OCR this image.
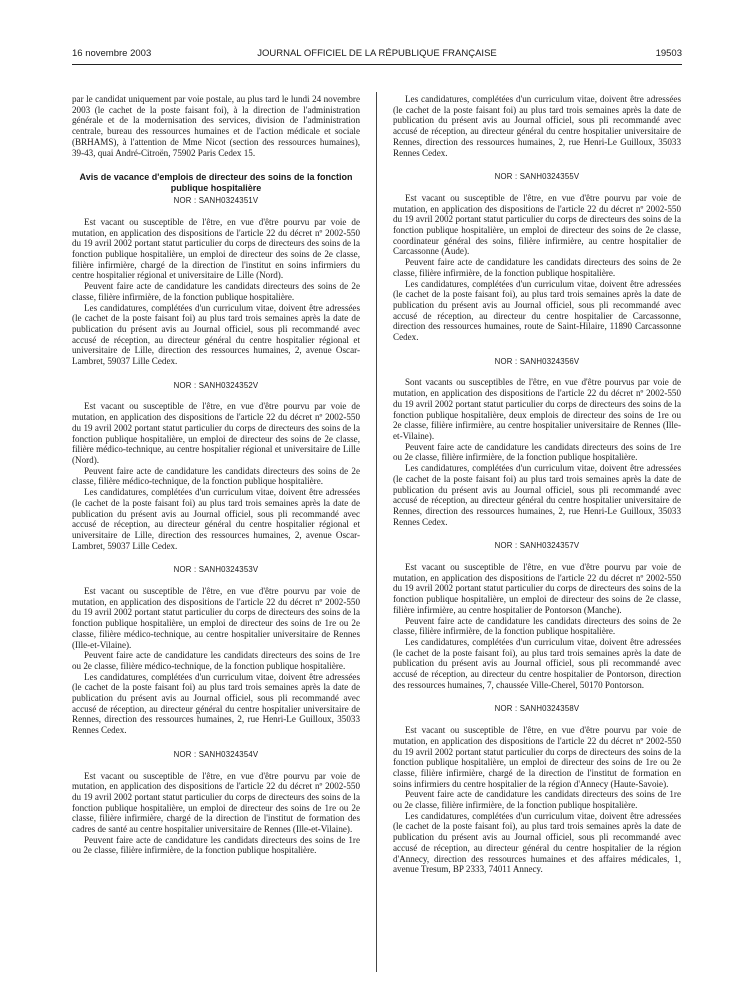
16 novembre 2003	JOURNAL OFFICIEL DE LA RÉPUBLIQUE FRANÇAISE	19503

par le candidat uniquement par voie postale, au plus tard le lundi 24 novembre 2003 (le cachet de la poste faisant foi), à la direction de l'administration générale et de la modernisation des services, division de l'administration centrale, bureau des ressources humaines et de l'action médicale et sociale (BRHAMS), à l'attention de Mme Nicot (section des ressources humaines), 39-43, quai André-Citroën, 75902 Paris Cedex 15.

Avis de vacance d'emplois de directeur des soins de la fonction publique hospitalière
NOR : SANH0324351V

Est vacant ou susceptible de l'être, en vue d'être pourvu par voie de mutation, en application des dispositions de l'article 22 du décret nº 2002-550 du 19 avril 2002 portant statut particulier du corps de directeurs des soins de la fonction publique hospitalière, un emploi de directeur des soins de 2e classe, filière infirmière, chargé de la direction de l'institut en soins infirmiers du centre hospitalier régional et universitaire de Lille (Nord).

Peuvent faire acte de candidature les candidats directeurs des soins de 2e classe, filière infirmière, de la fonction publique hospitalière.

Les candidatures, complétées d'un curriculum vitae, doivent être adressées (le cachet de la poste faisant foi) au plus tard trois semaines après la date de publication du présent avis au Journal officiel, sous pli recommandé avec accusé de réception, au directeur général du centre hospitalier régional et universitaire de Lille, direction des ressources humaines, 2, avenue Oscar-Lambret, 59037 Lille Cedex.

NOR : SANH0324352V

Est vacant ou susceptible de l'être, en vue d'être pourvu par voie de mutation, en application des dispositions de l'article 22 du décret nº 2002-550 du 19 avril 2002 portant statut particulier du corps de directeurs des soins de la fonction publique hospitalière, un emploi de directeur des soins de 2e classe, filière médico-technique, au centre hospitalier régional et universitaire de Lille (Nord).

Peuvent faire acte de candidature les candidats directeurs des soins de 2e classe, filière médico-technique, de la fonction publique hospitalière.

Les candidatures, complétées d'un curriculum vitae, doivent être adressées (le cachet de la poste faisant foi) au plus tard trois semaines après la date de publication du présent avis au Journal officiel, sous pli recommandé avec accusé de réception, au directeur général du centre hospitalier régional et universitaire de Lille, direction des ressources humaines, 2, avenue Oscar-Lambret, 59037 Lille Cedex.

NOR : SANH0324353V

Est vacant ou susceptible de l'être, en vue d'être pourvu par voie de mutation, en application des dispositions de l'article 22 du décret nº 2002-550 du 19 avril 2002 portant statut particulier du corps de directeurs des soins de la fonction publique hospitalière, un emploi de directeur des soins de 1re ou 2e classe, filière médico-technique, au centre hospitalier universitaire de Rennes (Ille-et-Vilaine).

Peuvent faire acte de candidature les candidats directeurs des soins de 1re ou 2e classe, filière médico-technique, de la fonction publique hospitalière.

Les candidatures, complétées d'un curriculum vitae, doivent être adressées (le cachet de la poste faisant foi) au plus tard trois semaines après la date de publication du présent avis au Journal officiel, sous pli recommandé avec accusé de réception, au directeur général du centre hospitalier universitaire de Rennes, direction des ressources humaines, 2, rue Henri-Le Guilloux, 35033 Rennes Cedex.

NOR : SANH0324354V

Est vacant ou susceptible de l'être, en vue d'être pourvu par voie de mutation, en application des dispositions de l'article 22 du décret nº 2002-550 du 19 avril 2002 portant statut particulier du corps de directeurs des soins de la fonction publique hospitalière, un emploi de directeur des soins de 1re ou 2e classe, filière infirmière, chargé de la direction de l'institut de formation des cadres de santé au centre hospitalier universitaire de Rennes (Ille-et-Vilaine).

Peuvent faire acte de candidature les candidats directeurs des soins de 1re ou 2e classe, filière infirmière, de la fonction publique hospitalière.

Les candidatures, complétées d'un curriculum vitae, doivent être adressées (le cachet de la poste faisant foi) au plus tard trois semaines après la date de publication du présent avis au Journal officiel, sous pli recommandé avec accusé de réception, au directeur général du centre hospitalier universitaire de Rennes, direction des ressources humaines, 2, rue Henri-Le Guilloux, 35033 Rennes Cedex.

NOR : SANH0324355V

Est vacant ou susceptible de l'être, en vue d'être pourvu par voie de mutation, en application des dispositions de l'article 22 du décret nº 2002-550 du 19 avril 2002 portant statut particulier du corps de directeurs des soins de la fonction publique hospitalière, un emploi de directeur des soins de 2e classe, coordinateur général des soins, filière infirmière, au centre hospitalier de Carcassonne (Aude).

Peuvent faire acte de candidature les candidats directeurs des soins de 2e classe, filière infirmière, de la fonction publique hospitalière.

Les candidatures, complétées d'un curriculum vitae, doivent être adressées (le cachet de la poste faisant foi), au plus tard trois semaines après la date de publication du présent avis au Journal officiel, sous pli recommandé avec accusé de réception, au directeur du centre hospitalier de Carcassonne, direction des ressources humaines, route de Saint-Hilaire, 11890 Carcassonne Cedex.

NOR : SANH0324356V

Sont vacants ou susceptibles de l'être, en vue d'être pourvus par voie de mutation, en application des dispositions de l'article 22 du décret nº 2002-550 du 19 avril 2002 portant statut particulier du corps de directeurs des soins de la fonction publique hospitalière, deux emplois de directeur des soins de 1re ou 2e classe, filière infirmière, au centre hospitalier universitaire de Rennes (Ille-et-Vilaine).

Peuvent faire acte de candidature les candidats directeurs des soins de 1re ou 2e classe, filière infirmière, de la fonction publique hospitalière.

Les candidatures, complétées d'un curriculum vitae, doivent être adressées (le cachet de la poste faisant foi) au plus tard trois semaines après la date de publication du présent avis au Journal officiel, sous pli recommandé avec accusé de réception, au directeur général du centre hospitalier universitaire de Rennes, direction des ressources humaines, 2, rue Henri-Le Guilloux, 35033 Rennes Cedex.

NOR : SANH0324357V

Est vacant ou susceptible de l'être, en vue d'être pourvu par voie de mutation, en application des dispositions de l'article 22 du décret nº 2002-550 du 19 avril 2002 portant statut particulier du corps de directeurs des soins de la fonction publique hospitalière, un emploi de directeur des soins de 2e classe, filière infirmière, au centre hospitalier de Pontorson (Manche).

Peuvent faire acte de candidature les candidats directeurs des soins de 2e classe, filière infirmière, de la fonction publique hospitalière.

Les candidatures, complétées d'un curriculum vitae, doivent être adressées (le cachet de la poste faisant foi), au plus tard trois semaines après la date de publication du présent avis au Journal officiel, sous pli recommandé avec accusé de réception, au directeur du centre hospitalier de Pontorson, direction des ressources humaines, 7, chaussée Ville-Cherel, 50170 Pontorson.

NOR : SANH0324358V

Est vacant ou susceptible de l'être, en vue d'être pourvu par voie de mutation, en application des dispositions de l'article 22 du décret nº 2002-550 du 19 avril 2002 portant statut particulier du corps de directeurs des soins de la fonction publique hospitalière, un emploi de directeur des soins de 1re ou 2e classe, filière infirmière, chargé de la direction de l'institut de formation en soins infirmiers du centre hospitalier de la région d'Annecy (Haute-Savoie).

Peuvent faire acte de candidature les candidats directeurs des soins de 1re ou 2e classe, filière infirmière, de la fonction publique hospitalière.

Les candidatures, complétées d'un curriculum vitae, doivent être adressées (le cachet de la poste faisant foi), au plus tard trois semaines après la date de publication du présent avis au Journal officiel, sous pli recommandé avec accusé de réception, au directeur général du centre hospitalier de la région d'Annecy, direction des ressources humaines et des affaires médicales, 1, avenue Tresum, BP 2333, 74011 Annecy.
